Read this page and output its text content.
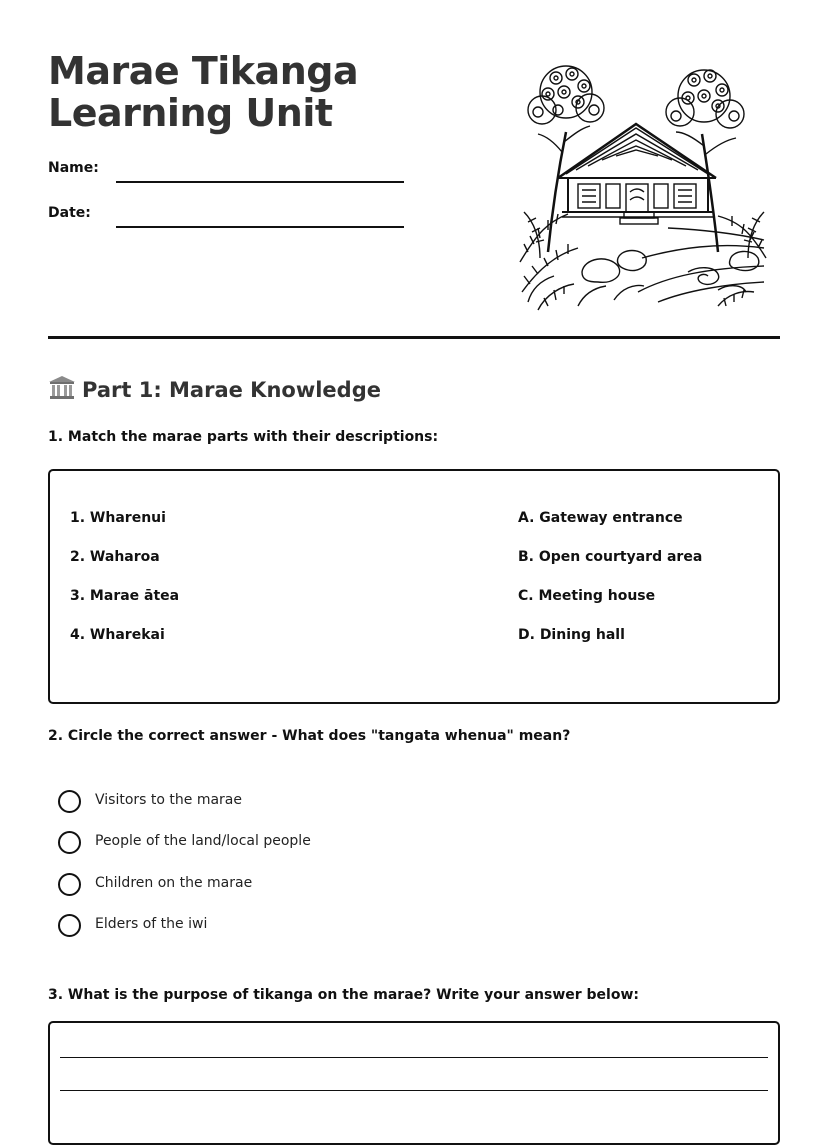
Marae Tikanga Learning Unit
Name:
Date:
Part 1: Marae Knowledge
1. Match the marae parts with their descriptions:
1. Wharenui
2. Waharoa
3. Marae ātea
4. Wharekai
A. Gateway entrance
B. Open courtyard area
C. Meeting house
D. Dining hall
2. Circle the correct answer - What does "tangata whenua" mean?
Visitors to the marae
People of the land/local people
Children on the marae
Elders of the iwi
3. What is the purpose of tikanga on the marae? Write your answer below:
